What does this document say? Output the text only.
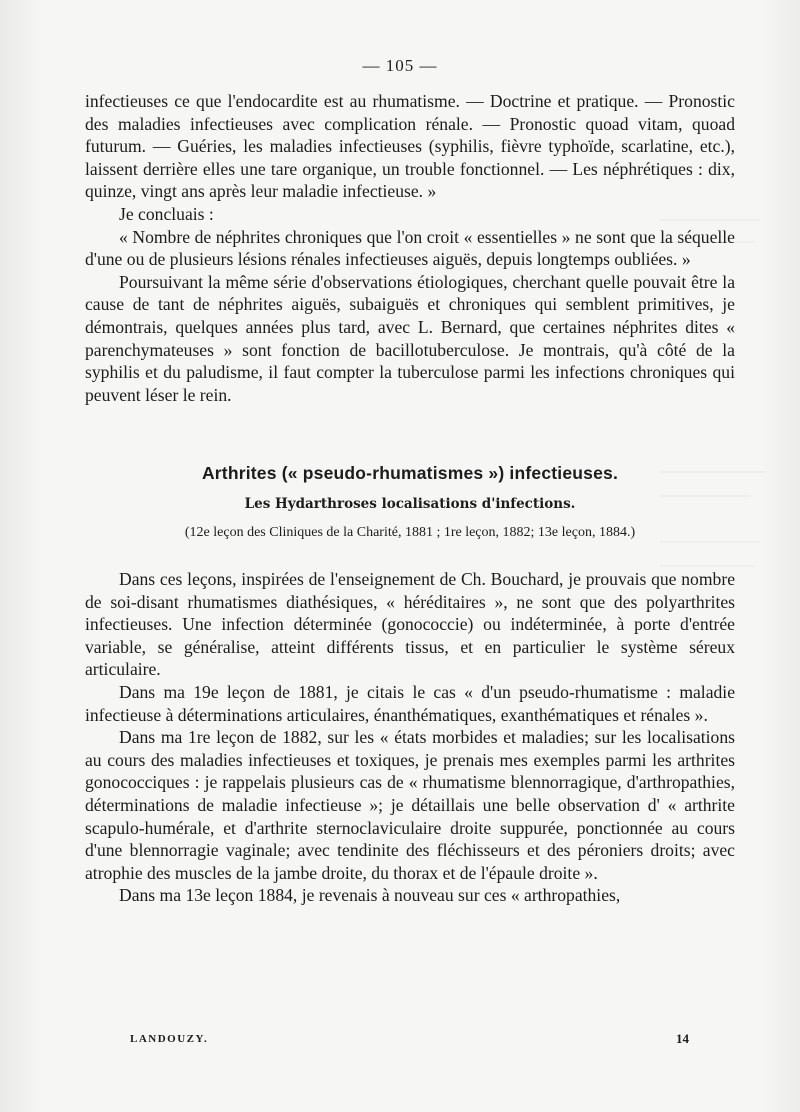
— 105 —

infectieuses ce que l'endocardite est au rhumatisme. — Doctrine et pratique. — Pronostic des maladies infectieuses avec complication rénale. — Pronostic quoad vitam, quoad futurum. — Guéries, les maladies infectieuses (syphilis, fièvre typhoïde, scarlatine, etc.), laissent derrière elles une tare organique, un trouble fonctionnel. — Les néphrétiques : dix, quinze, vingt ans après leur maladie infectieuse. »

Je concluais :

« Nombre de néphrites chroniques que l'on croit « essentielles » ne sont que la séquelle d'une ou de plusieurs lésions rénales infectieuses aiguës, depuis longtemps oubliées. »

Poursuivant la même série d'observations étiologiques, cherchant quelle pouvait être la cause de tant de néphrites aiguës, subaiguës et chroniques qui semblent primitives, je démontrais, quelques années plus tard, avec L. Bernard, que certaines néphrites dites « parenchymateuses » sont fonction de bacillotuberculose. Je montrais, qu'à côté de la syphilis et du paludisme, il faut compter la tuberculose parmi les infections chroniques qui peuvent léser le rein.

Arthrites (« pseudo-rhumatismes ») infectieuses.
Les Hydarthroses localisations d'infections.
(12e leçon des Cliniques de la Charité, 1881 ; 1re leçon, 1882; 13e leçon, 1884.)

Dans ces leçons, inspirées de l'enseignement de Ch. Bouchard, je prouvais que nombre de soi-disant rhumatismes diathésiques, « héréditaires », ne sont que des polyarthrites infectieuses. Une infection déterminée (gonococcie) ou indéterminée, à porte d'entrée variable, se généralise, atteint différents tissus, et en particulier le système séreux articulaire.

Dans ma 19e leçon de 1881, je citais le cas « d'un pseudo-rhumatisme : maladie infectieuse à déterminations articulaires, énanthématiques, exanthématiques et rénales ».

Dans ma 1re leçon de 1882, sur les « états morbides et maladies; sur les localisations au cours des maladies infectieuses et toxiques, je prenais mes exemples parmi les arthrites gonococciques : je rappelais plusieurs cas de « rhumatisme blennorragique, d'arthropathies, déterminations de maladie infectieuse »; je détaillais une belle observation d' « arthrite scapulo-humérale, et d'arthrite sternoclaviculaire droite suppurée, ponctionnée au cours d'une blennorragie vaginale; avec tendinite des fléchisseurs et des péroniers droits; avec atrophie des muscles de la jambe droite, du thorax et de l'épaule droite ».

Dans ma 13e leçon 1884, je revenais à nouveau sur ces « arthropathies,

LANDOUZY.	14
